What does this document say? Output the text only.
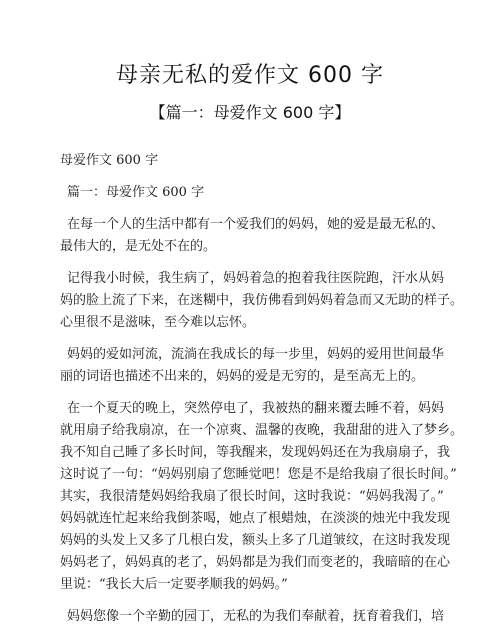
母亲无私的爱作文 600 字
【篇一：母爱作文 600 字】
母爱作文 600 字
篇一：母爱作文 600 字
在每一个人的生活中都有一个爱我们的妈妈，她的爱是最无私的、
最伟大的，是无处不在的。
记得我小时候，我生病了，妈妈着急的抱着我往医院跑，汗水从妈
妈的脸上流了下来，在迷糊中，我仿佛看到妈妈着急而又无助的样子。
心里很不是滋味，至今难以忘怀。
妈妈的爱如河流，流淌在我成长的每一步里，妈妈的爱用世间最华
丽的词语也描述不出来的，妈妈的爱是无穷的，是至高无上的。
在一个夏天的晚上，突然停电了，我被热的翻来覆去睡不着，妈妈
就用扇子给我扇凉，在一个凉爽、温馨的夜晚，我甜甜的进入了梦乡。
我不知自己睡了多长时间，等我醒来，发现妈妈还在为我扇扇子，我
这时说了一句：“妈妈别扇了您睡觉吧！您是不是给我扇了很长时间。”
其实，我很清楚妈妈给我扇了很长时间，这时我说：“妈妈我渴了。”
妈妈就连忙起来给我倒茶喝，她点了根蜡烛，在淡淡的烛光中我发现
妈妈的头发上又多了几根白发，额头上多了几道皱纹，在这时我发现
妈妈老了，妈妈真的老了，妈妈都是为我们而变老的，我暗暗的在心
里说：“我长大后一定要孝顺我的妈妈。”
妈妈您像一个辛勤的园丁，无私的为我们奉献着，抚育着我们，培
